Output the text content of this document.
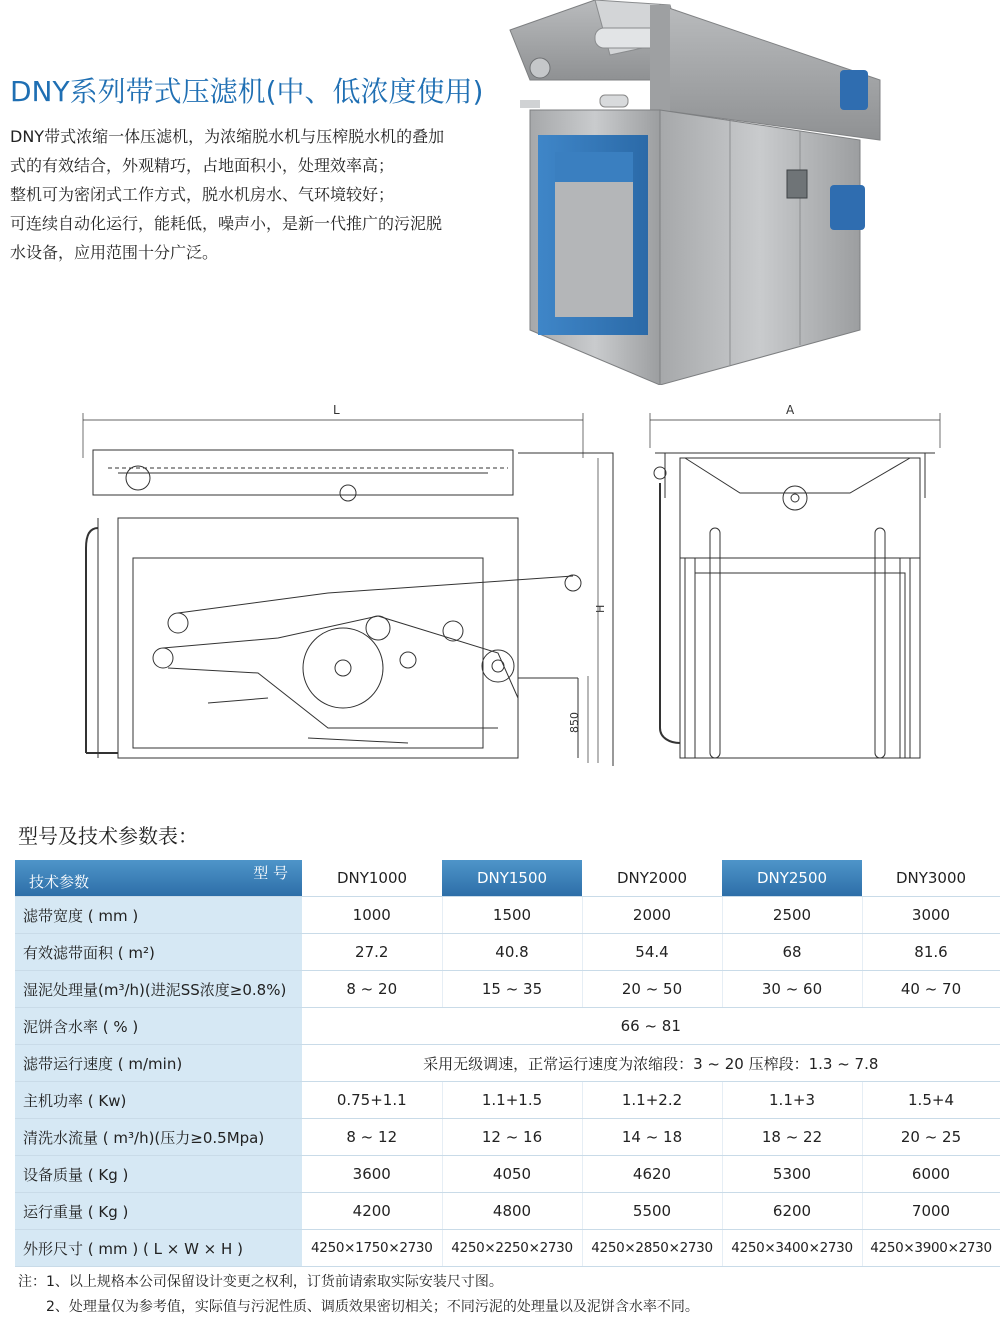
DNY系列带式压滤机(中、低浓度使用)

DNY带式浓缩一体压滤机，为浓缩脱水机与压榨脱水机的叠加

式的有效结合，外观精巧，占地面积小，处理效率高；

整机可为密闭式工作方式，脱水机房水、气环境较好；

可连续自动化运行，能耗低，噪声小，是新一代推广的污泥脱

水设备，应用范围十分广泛。

L
H
850
A
型号及技术参数表：
型 号
技术参数	DNY1000	DNY1500	DNY2000	DNY2500	DNY3000
滤带宽度 ( mm )	1000	1500	2000	2500	3000
有效滤带面积 ( m²)	27.2	40.8	54.4	68	81.6
湿泥处理量(m³/h)(进泥SS浓度≥0.8%)	8 ~ 20	15 ~ 35	20 ~ 50	30 ~ 60	40 ~ 70
泥饼含水率 ( % )	66 ~ 81				
滤带运行速度 ( m/min)	采用无级调速，正常运行速度为浓缩段：3 ~ 20 压榨段：1.3 ~ 7.8				
主机功率 ( Kw)	0.75+1.1	1.1+1.5	1.1+2.2	1.1+3	1.5+4
清洗水流量 ( m³/h)(压力≥0.5Mpa)	8 ~ 12	12 ~ 16	14 ~ 18	18 ~ 22	20 ~ 25
设备质量 ( Kg )	3600	4050	4620	5300	6000
运行重量 ( Kg )	4200	4800	5500	6200	7000
外形尺寸 ( mm ) ( L × W × H )	4250×1750×2730	4250×2250×2730	4250×2850×2730	4250×3400×2730	4250×3900×2730

注：1、以上规格本公司保留设计变更之权利，订货前请索取实际安装尺寸图。

2、处理量仅为参考值，实际值与污泥性质、调质效果密切相关；不同污泥的处理量以及泥饼含水率不同。
